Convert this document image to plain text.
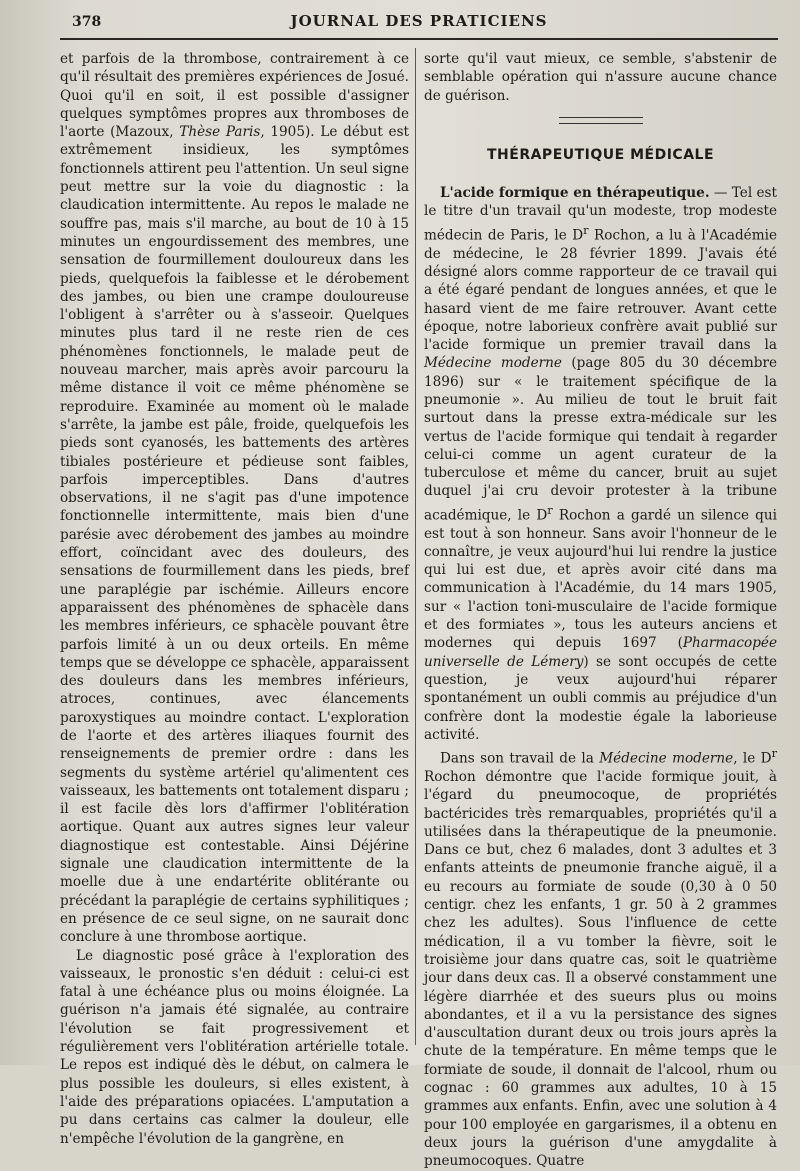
378	JOURNAL DES PRATICIENS

et parfois de la thrombose, contrairement à ce qu'il résultait des premières expériences de Josué. Quoi qu'il en soit, il est possible d'assigner quelques symptômes propres aux thromboses de l'aorte (Mazoux, Thèse Paris, 1905). Le début est extrêmement insidieux, les symptômes fonctionnels attirent peu l'attention. Un seul signe peut mettre sur la voie du diagnostic : la claudication intermittente. Au repos le malade ne souffre pas, mais s'il marche, au bout de 10 à 15 minutes un engourdissement des membres, une sensation de fourmillement douloureux dans les pieds, quelquefois la faiblesse et le dérobement des jambes, ou bien une crampe douloureuse l'obligent à s'arrêter ou à s'asseoir. Quelques minutes plus tard il ne reste rien de ces phénomènes fonctionnels, le malade peut de nouveau marcher, mais après avoir parcouru la même distance il voit ce même phénomène se reproduire. Examinée au moment où le malade s'arrête, la jambe est pâle, froide, quelquefois les pieds sont cyanosés, les battements des artères tibiales postérieure et pédieuse sont faibles, parfois imperceptibles. Dans d'autres observations, il ne s'agit pas d'une impotence fonctionnelle intermittente, mais bien d'une parésie avec dérobement des jambes au moindre effort, coïncidant avec des douleurs, des sensations de fourmillement dans les pieds, bref une paraplégie par ischémie. Ailleurs encore apparaissent des phénomènes de sphacèle dans les membres inférieurs, ce sphacèle pouvant être parfois limité à un ou deux orteils. En même temps que se développe ce sphacèle, apparaissent des douleurs dans les membres inférieurs, atroces, continues, avec élancements paroxystiques au moindre contact. L'exploration de l'aorte et des artères iliaques fournit des renseignements de premier ordre : dans les segments du système artériel qu'alimentent ces vaisseaux, les battements ont totalement disparu ; il est facile dès lors d'affirmer l'oblitération aortique. Quant aux autres signes leur valeur diagnostique est contestable. Ainsi Déjérine signale une claudication intermittente de la moelle due à une endartérite oblitérante ou précédant la paraplégie de certains syphilitiques ; en présence de ce seul signe, on ne saurait donc conclure à une thrombose aortique.

Le diagnostic posé grâce à l'exploration des vaisseaux, le pronostic s'en déduit : celui-ci est fatal à une échéance plus ou moins éloignée. La guérison n'a jamais été signalée, au contraire l'évolution se fait progressivement et régulièrement vers l'oblitération artérielle totale. Le repos est indiqué dès le début, on calmera le plus possible les douleurs, si elles existent, à l'aide des préparations opiacées. L'amputation a pu dans certains cas calmer la douleur, elle n'empêche l'évolution de la gangrène, en

sorte qu'il vaut mieux, ce semble, s'abstenir de semblable opération qui n'assure aucune chance de guérison.

THÉRAPEUTIQUE MÉDICALE

L'acide formique en thérapeutique. — Tel est le titre d'un travail qu'un modeste, trop modeste médecin de Paris, le $D^r$ Rochon, a lu à l'Académie de médecine, le 28 février 1899. J'avais été désigné alors comme rapporteur de ce travail qui a été égaré pendant de longues années, et que le hasard vient de me faire retrouver. Avant cette époque, notre laborieux confrère avait publié sur l'acide formique un premier travail dans la Médecine moderne (page 805 du 30 décembre 1896) sur « le traitement spécifique de la pneumonie ». Au milieu de tout le bruit fait surtout dans la presse extra-médicale sur les vertus de l'acide formique qui tendait à regarder celui-ci comme un agent curateur de la tuberculose et même du cancer, bruit au sujet duquel j'ai cru devoir protester à la tribune académique, le $D^r$ Rochon a gardé un silence qui est tout à son honneur. Sans avoir l'honneur de le connaître, je veux aujourd'hui lui rendre la justice qui lui est due, et après avoir cité dans ma communication à l'Académie, du 14 mars 1905, sur « l'action toni-musculaire de l'acide formique et des formiates », tous les auteurs anciens et modernes qui depuis 1697 (Pharmacopée universelle de Lémery) se sont occupés de cette question, je veux aujourd'hui réparer spontanément un oubli commis au préjudice d'un confrère dont la modestie égale la laborieuse activité.

Dans son travail de la Médecine moderne, le $D^r$ Rochon démontre que l'acide formique jouit, à l'égard du pneumocoque, de propriétés bactéricides très remarquables, propriétés qu'il a utilisées dans la thérapeutique de la pneumonie. Dans ce but, chez 6 malades, dont 3 adultes et 3 enfants atteints de pneumonie franche aiguë, il a eu recours au formiate de soude (0,30 à 0 50 centigr. chez les enfants, 1 gr. 50 à 2 grammes chez les adultes). Sous l'influence de cette médication, il a vu tomber la fièvre, soit le troisième jour dans quatre cas, soit le quatrième jour dans deux cas. Il a observé constamment une légère diarrhée et des sueurs plus ou moins abondantes, et il a vu la persistance des signes d'auscultation durant deux ou trois jours après la chute de la température. En même temps que le formiate de soude, il donnait de l'alcool, rhum ou cognac : 60 grammes aux adultes, 10 à 15 grammes aux enfants. Enfin, avec une solution à 4 pour 100 employée en gargarismes, il a obtenu en deux jours la guérison d'une amygdalite à pneumocoques. Quatre
